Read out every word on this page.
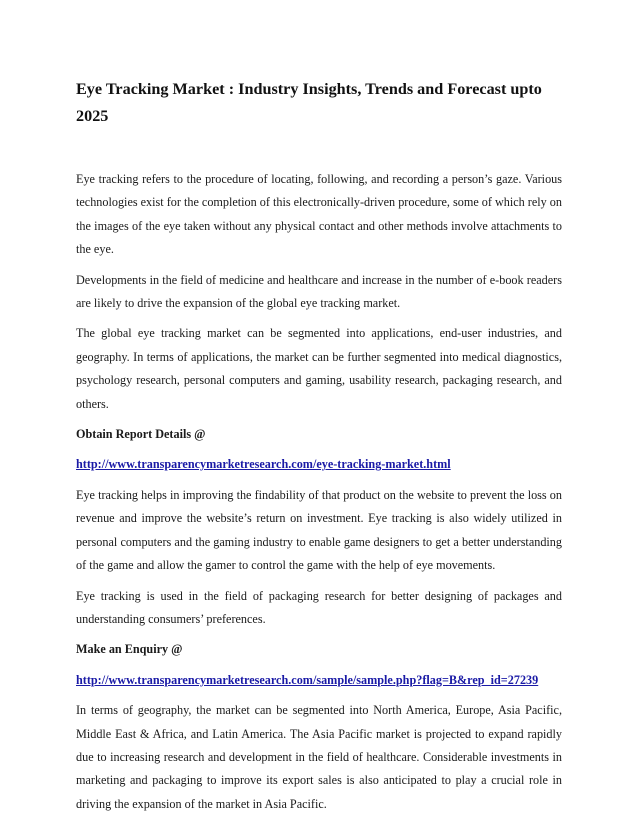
Eye Tracking Market : Industry Insights, Trends and Forecast upto 2025

Eye tracking refers to the procedure of locating, following, and recording a person’s gaze. Various technologies exist for the completion of this electronically-driven procedure, some of which rely on the images of the eye taken without any physical contact and other methods involve attachments to the eye.

Developments in the field of medicine and healthcare and increase in the number of e-book readers are likely to drive the expansion of the global eye tracking market.

The global eye tracking market can be segmented into applications, end-user industries, and geography. In terms of applications, the market can be further segmented into medical diagnostics, psychology research, personal computers and gaming, usability research, packaging research, and others.

Obtain Report Details @
http://www.transparencymarketresearch.com/eye-tracking-market.html

Eye tracking helps in improving the findability of that product on the website to prevent the loss on revenue and improve the website’s return on investment. Eye tracking is also widely utilized in personal computers and the gaming industry to enable game designers to get a better understanding of the game and allow the gamer to control the game with the help of eye movements.

Eye tracking is used in the field of packaging research for better designing of packages and understanding consumers’ preferences.

Make an Enquiry @
http://www.transparencymarketresearch.com/sample/sample.php?flag=B&rep_id=27239

In terms of geography, the market can be segmented into North America, Europe, Asia Pacific, Middle East & Africa, and Latin America. The Asia Pacific market is projected to expand rapidly due to increasing research and development in the field of healthcare. Considerable investments in marketing and packaging to improve its export sales is also anticipated to play a crucial role in driving the expansion of the market in Asia Pacific.
